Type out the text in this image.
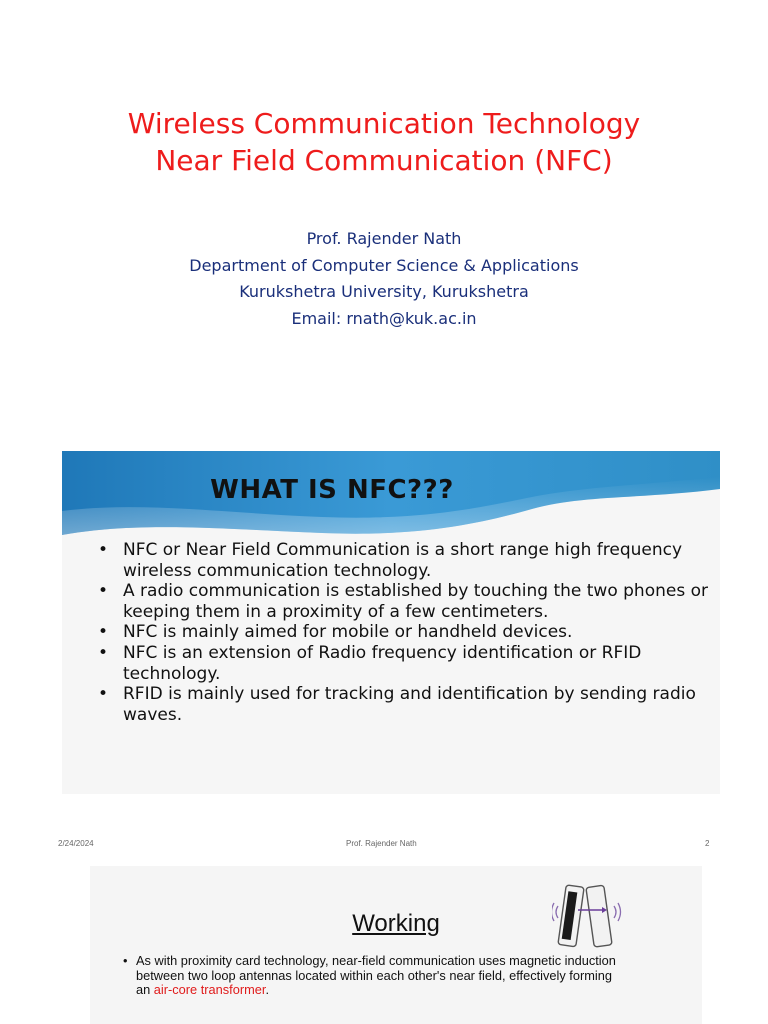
Wireless Communication Technology
Near Field Communication (NFC)
Prof. Rajender Nath
Department of Computer Science & Applications
Kurukshetra University, Kurukshetra
Email: rnath@kuk.ac.in
WHAT IS NFC???
• NFC or Near Field Communication is a short range high frequency wireless communication technology.
• A radio communication is established by touching the two phones or keeping them in a proximity of a few centimeters.
• NFC is mainly aimed for mobile or handheld devices.
• NFC is an extension of Radio frequency identification or RFID technology.
• RFID is mainly used for tracking and identification by sending radio waves.
2/24/2024	Prof. Rajender Nath	2
Working
• As with proximity card technology, near-field communication uses magnetic induction between two loop antennas located within each other's near field, effectively forming an air-core transformer.
